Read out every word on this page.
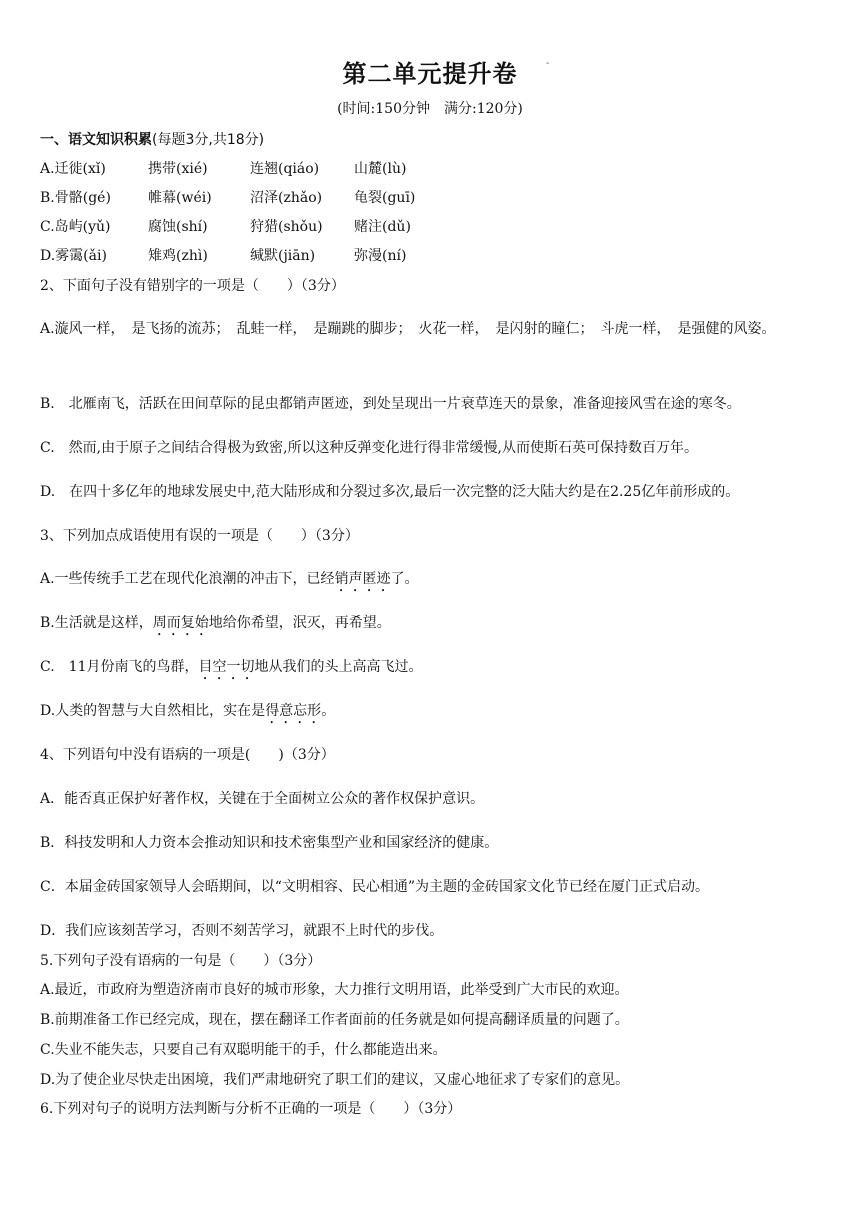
第二单元提升卷	-
(时间:150分钟　满分:120分)
一、语文知识积累(每题3分,共18分)
A.迁徙(xǐ)	携带(xié)	连翘(qiáo) 山麓(lù)
B.骨骼(gé)	帷幕(wéi)	沼泽(zhǎo) 龟裂(guī)
C.岛屿(yǔ)	腐蚀(shí)	狩猎(shǒu) 赌注(dǔ)
D.雾霭(ǎi)	雉鸡(zhì)	缄默(jiān)	弥漫(ní)
2、下面句子没有错别字的一项是（　　）（3分）
A.漩风一样，　是飞扬的流苏；　乱蛙一样，　是蹦跳的脚步；　火花一样，　是闪射的瞳仁；　斗虎一样，　是强健的风姿。
B.　北雁南飞，活跃在田间草际的昆虫都销声匿迹，到处呈现出一片衰草连天的景象，准备迎接风雪在途的寒冬。
C.　然而,由于原子之间结合得极为致密,所以这种反弹变化进行得非常缓慢,从而使斯石英可保持数百万年。
D.　在四十多亿年的地球发展史中,范大陆形成和分裂过多次,最后一次完整的泛大陆大约是在2.25亿年前形成的。
3、下列加点成语使用有误的一项是（　　）（3分）
A.一些传统手工艺在现代化浪潮的冲击下，已经销声匿迹了。
B.生活就是这样，周而复始地给你希望，泯灭，再希望。
C.　11月份南飞的鸟群，目空一切地从我们的头上高高飞过。
D.人类的智慧与大自然相比，实在是得意忘形。
4、下列语句中没有语病的一项是(　　)（3分）
A．能否真正保护好著作权，关键在于全面树立公众的著作权保护意识。
B．科技发明和人力资本会推动知识和技术密集型产业和国家经济的健康。
C．本届金砖国家领导人会晤期间，以“文明相容、民心相通”为主题的金砖国家文化节已经在厦门正式启动。
D．我们应该刻苦学习，否则不刻苦学习，就跟不上时代的步伐。
5.下列句子没有语病的一句是（　　）（3分）
A.最近，市政府为塑造济南市良好的城市形象，大力推行文明用语，此举受到广大市民的欢迎。
B.前期准备工作已经完成，现在，摆在翻译工作者面前的任务就是如何提高翻译质量的问题了。
C.失业不能失志，只要自己有双聪明能干的手，什么都能造出来。
D.为了使企业尽快走出困境，我们严肃地研究了职工们的建议，又虚心地征求了专家们的意见。
6.下列对句子的说明方法判断与分析不正确的一项是（　　）（3分）
